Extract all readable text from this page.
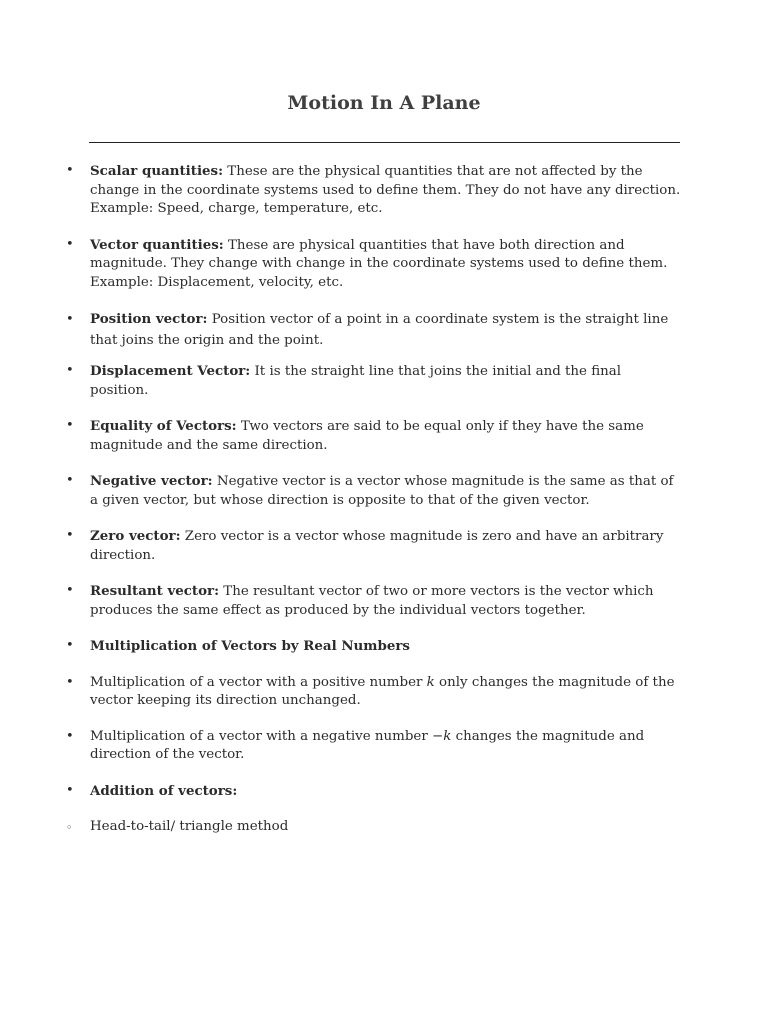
Motion In A Plane
• Scalar quantities: These are the physical quantities that are not affected by the change in the coordinate systems used to define them. They do not have any direction. Example: Speed, charge, temperature, etc.
• Vector quantities: These are physical quantities that have both direction and magnitude. They change with change in the coordinate systems used to define them. Example: Displacement, velocity, etc.
• Position vector: Position vector of a point in a coordinate system is the straight line that joins the origin and the point.
• Displacement Vector: It is the straight line that joins the initial and the final position.
• Equality of Vectors: Two vectors are said to be equal only if they have the same magnitude and the same direction.
• Negative vector: Negative vector is a vector whose magnitude is the same as that of a given vector, but whose direction is opposite to that of the given vector.
• Zero vector: Zero vector is a vector whose magnitude is zero and have an arbitrary direction.
• Resultant vector: The resultant vector of two or more vectors is the vector which produces the same effect as produced by the individual vectors together.
• Multiplication of Vectors by Real Numbers
• Multiplication of a vector with a positive number k only changes the magnitude of the vector keeping its direction unchanged.
• Multiplication of a vector with a negative number −k changes the magnitude and direction of the vector.
• Addition of vectors:
◦ Head-to-tail/ triangle method
